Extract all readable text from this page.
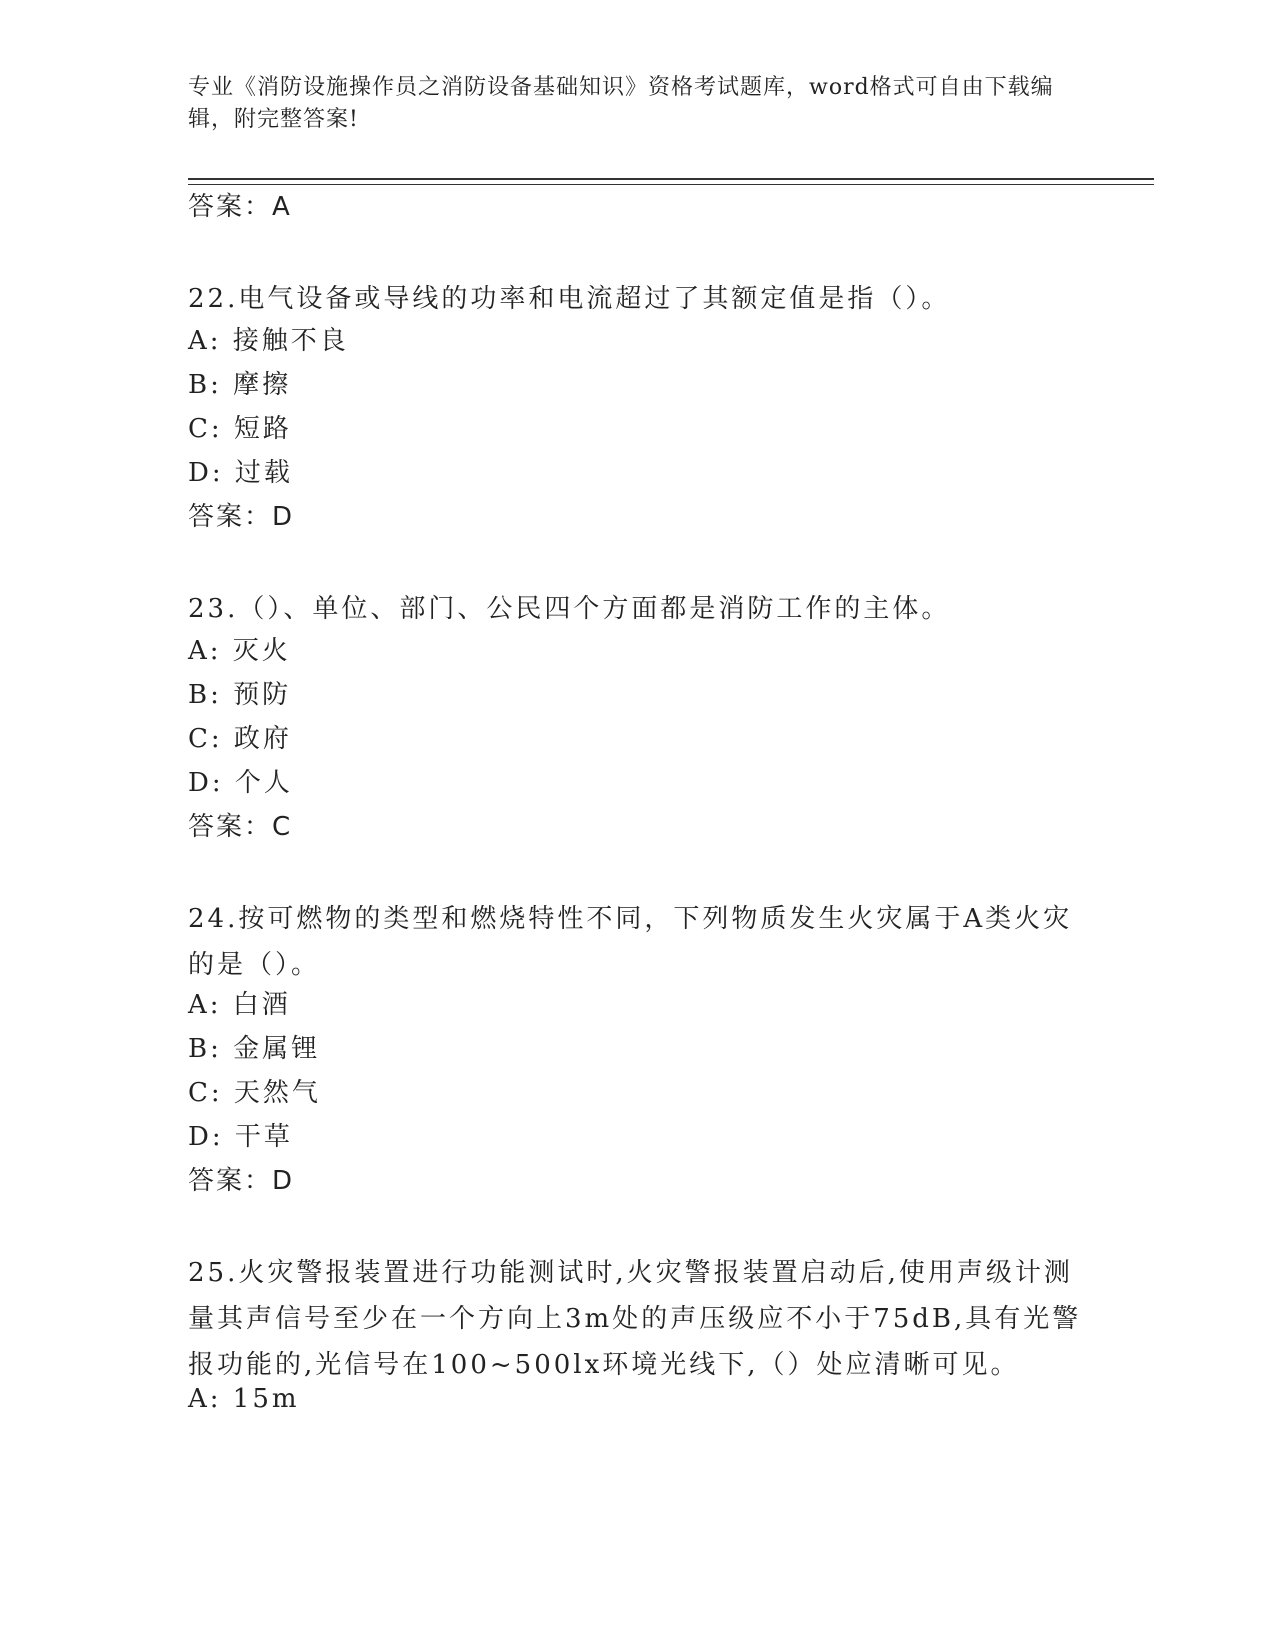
专业《消防设施操作员之消防设备基础知识》资格考试题库，word格式可自由下载编辑，附完整答案!
答案：A
22.电气设备或导线的功率和电流超过了其额定值是指（）。
A: 接触不良
B: 摩擦
C: 短路
D: 过载
答案：D
23.（）、单位、部门、公民四个方面都是消防工作的主体。
A: 灭火
B: 预防
C: 政府
D: 个人
答案：C
24.按可燃物的类型和燃烧特性不同，下列物质发生火灾属于A类火灾的是（）。
A: 白酒
B: 金属锂
C: 天然气
D: 干草
答案：D
25.火灾警报装置进行功能测试时,火灾警报装置启动后,使用声级计测量其声信号至少在一个方向上3m处的声压级应不小于75dB,具有光警报功能的,光信号在100~500lx环境光线下,（）处应清晰可见。
A: 15m
